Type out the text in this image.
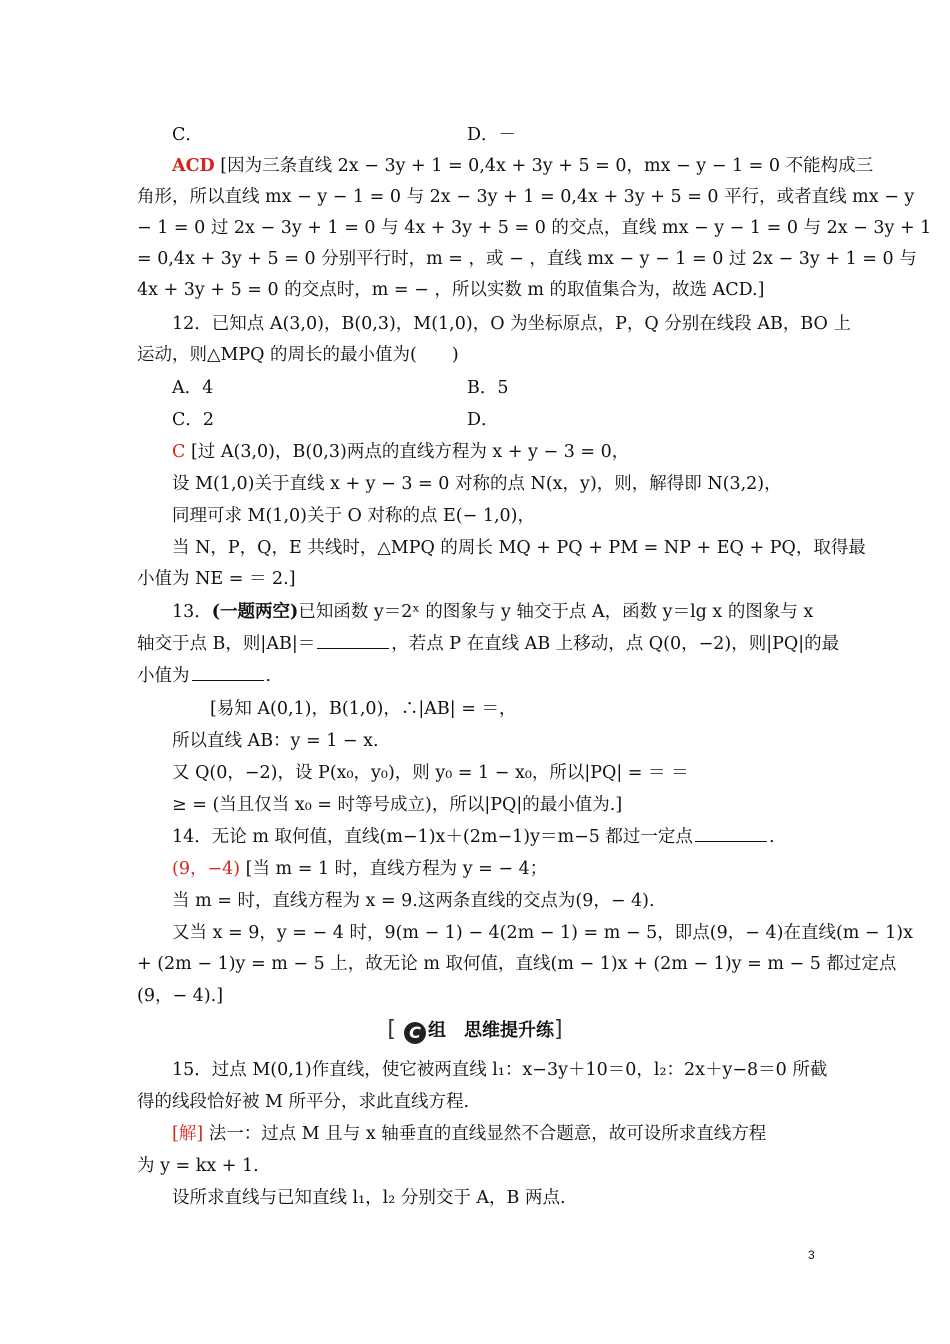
C．	D．－
ACD [因为三条直线 2x − 3y + 1 = 0,4x + 3y + 5 = 0，mx − y − 1 = 0 不能构成三
角形，所以直线 mx − y − 1 = 0 与 2x − 3y + 1 = 0,4x + 3y + 5 = 0 平行，或者直线 mx − y
− 1 = 0 过 2x − 3y + 1 = 0 与 4x + 3y + 5 = 0 的交点，直线 mx − y − 1 = 0 与 2x − 3y + 1
= 0,4x + 3y + 5 = 0 分别平行时，m = ，或 − ，直线 mx − y − 1 = 0 过 2x − 3y + 1 = 0 与
4x + 3y + 5 = 0 的交点时，m = − ，所以实数 m 的取值集合为，故选 ACD.]
12．已知点 A(3,0)，B(0,3)，M(1,0)，O 为坐标原点，P，Q 分别在线段 AB，BO 上
运动，则△MPQ 的周长的最小值为(　　)
A．4	B．5
C．2	D．
C [过 A(3,0)，B(0,3)两点的直线方程为 x + y − 3 = 0，
设 M(1,0)关于直线 x + y − 3 = 0 对称的点 N(x，y)，则，解得即 N(3,2)，
同理可求 M(1,0)关于 O 对称的点 E(− 1,0)，
当 N，P，Q，E 共线时，△MPQ 的周长 MQ + PQ + PM = NP + EQ + PQ，取得最
小值为 NE = ＝ 2.]
13．(一题两空)已知函数 y＝2ˣ 的图象与 y 轴交于点 A，函数 y＝lg x 的图象与 x
轴交于点 B，则|AB|＝	，若点 P 在直线 AB 上移动，点 Q(0，−2)，则|PQ|的最
小值为	.
[易知 A(0,1)，B(1,0)，∴|AB| = ＝，
所以直线 AB：y = 1 − x.
又 Q(0，−2)，设 P(x₀，y₀)，则 y₀ = 1 − x₀，所以|PQ| = ＝ ＝
≥ = (当且仅当 x₀ = 时等号成立)，所以|PQ|的最小值为.]
14．无论 m 取何值，直线(m−1)x＋(2m−1)y＝m−5 都过一定点	.
(9，−4) [当 m = 1 时，直线方程为 y = − 4；
当 m = 时，直线方程为 x = 9.这两条直线的交点为(9，− 4).
又当 x = 9，y = − 4 时，9(m − 1) − 4(2m − 1) = m − 5，即点(9，− 4)在直线(m − 1)x
+ (2m − 1)y = m − 5 上，故无论 m 取何值，直线(m − 1)x + (2m − 1)y = m − 5 都过定点
(9，− 4).]
[ C 组　思维提升练]
15．过点 M(0,1)作直线，使它被两直线 l₁：x−3y＋10＝0，l₂：2x＋y−8＝0 所截
得的线段恰好被 M 所平分，求此直线方程.
[解] 法一：过点 M 且与 x 轴垂直的直线显然不合题意，故可设所求直线方程
为 y = kx + 1.
设所求直线与已知直线 l₁，l₂ 分别交于 A，B 两点.
3
